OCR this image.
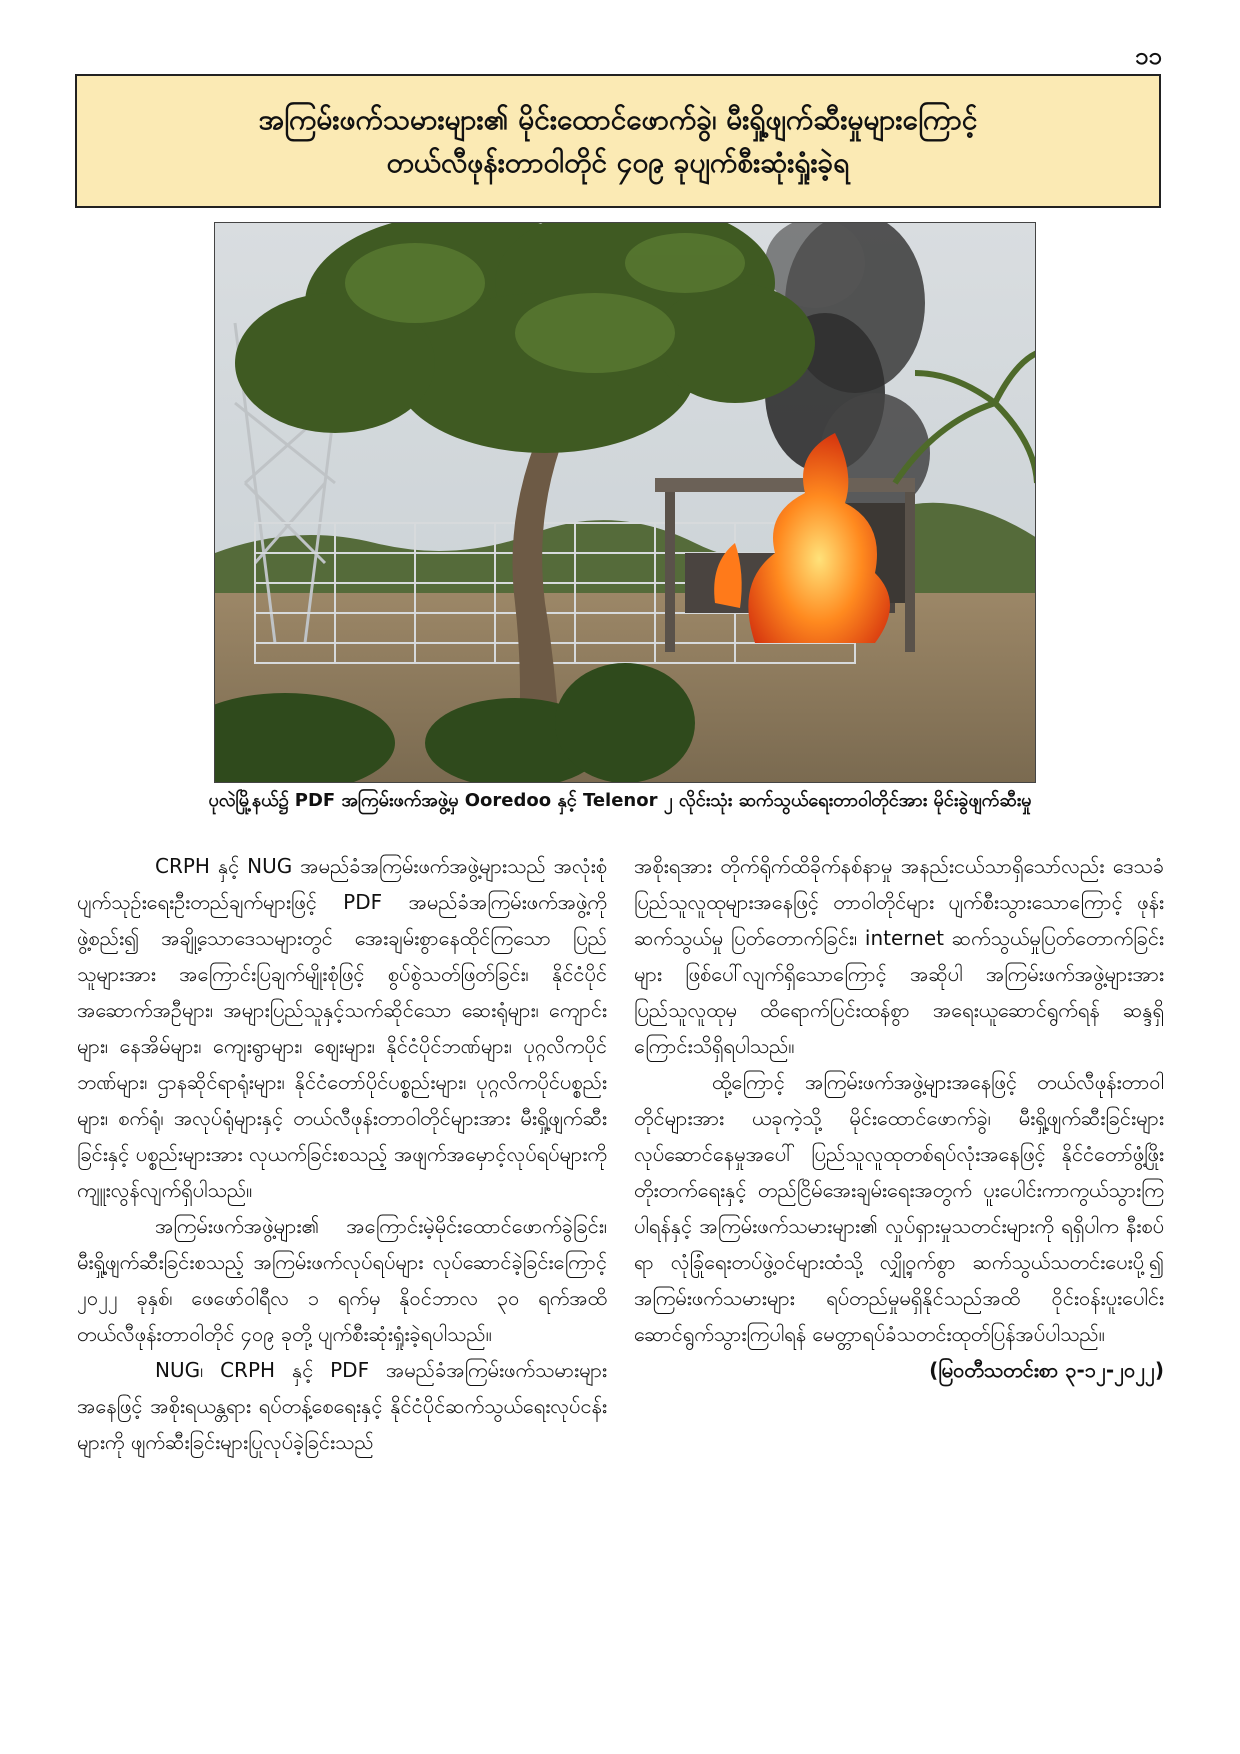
၁၁
အကြမ်းဖက်သမားများ၏ မိုင်းထောင်ဖောက်ခွဲ၊ မီးရှို့ဖျက်ဆီးမှုများကြောင့်
တယ်လီဖုန်းတာဝါတိုင် ၄၀၉ ခုပျက်စီးဆုံးရှုံးခဲ့ရ
ပုလဲမြို့နယ်၌ PDF အကြမ်းဖက်အဖွဲ့မှ Ooredoo နှင့် Telenor ၂ လိုင်းသုံး ဆက်သွယ်ရေးတာဝါတိုင်အား မိုင်းခွဲဖျက်ဆီးမှု

CRPH နှင့် NUG အမည်ခံအကြမ်းဖက်အဖွဲ့များသည် အလုံးစုံပျက်သုဉ်းရေးဦးတည်ချက်များဖြင့် PDF အမည်ခံအကြမ်းဖက်အဖွဲ့ကို ဖွဲ့စည်း၍ အချို့သောဒေသများတွင် အေးချမ်းစွာနေထိုင်ကြသော ပြည်သူများအား အကြောင်းပြချက်မျိုးစုံဖြင့် စွပ်စွဲသတ်ဖြတ်ခြင်း၊ နိုင်ငံပိုင်အဆောက်အဦများ၊ အများပြည်သူနှင့်သက်ဆိုင်သော ဆေးရုံများ၊ ကျောင်းများ၊ နေအိမ်များ၊ ကျေးရွာများ၊ ဈေးများ၊ နိုင်ငံပိုင်ဘဏ်များ၊ ပုဂ္ဂလိကပိုင်ဘဏ်များ၊ ဌာနဆိုင်ရာရုံးများ၊ နိုင်ငံတော်ပိုင်ပစ္စည်းများ၊ ပုဂ္ဂလိကပိုင်ပစ္စည်းများ၊ စက်ရုံ၊ အလုပ်ရုံများနှင့် တယ်လီဖုန်းတာဝါတိုင်များအား မီးရှို့ဖျက်ဆီးခြင်းနှင့် ပစ္စည်းများအား လုယက်ခြင်းစသည့် အဖျက်အမှောင့်လုပ်ရပ်များကို ကျူးလွန်လျက်ရှိပါသည်။

အကြမ်းဖက်အဖွဲ့များ၏ အကြောင်းမဲ့မိုင်းထောင်ဖောက်ခွဲခြင်း၊ မီးရှို့ဖျက်ဆီးခြင်းစသည့် အကြမ်းဖက်လုပ်ရပ်များ လုပ်ဆောင်ခဲ့ခြင်းကြောင့် ၂၀၂၂ ခုနှစ်၊ ဖေဖော်ဝါရီလ ၁ ရက်မှ နိုဝင်ဘာလ ၃၀ ရက်အထိ တယ်လီဖုန်းတာဝါတိုင် ၄၀၉ ခုတို့ ပျက်စီးဆုံးရှုံးခဲ့ရပါသည်။

NUG၊ CRPH နှင့် PDF အမည်ခံအကြမ်းဖက်သမားများအနေဖြင့် အစိုးရယန္တရား ရပ်တန့်စေရေးနှင့် နိုင်ငံပိုင်ဆက်သွယ်ရေးလုပ်ငန်းများကို ဖျက်ဆီးခြင်းများပြုလုပ်ခဲ့ခြင်းသည်

အစိုးရအား တိုက်ရိုက်ထိခိုက်နစ်နာမှု အနည်းငယ်သာရှိသော်လည်း ဒေသခံ ပြည်သူလူထုများအနေဖြင့် တာဝါတိုင်များ ပျက်စီးသွားသောကြောင့် ဖုန်းဆက်သွယ်မှု ပြတ်တောက်ခြင်း၊ internet ဆက်သွယ်မှုပြတ်တောက်ခြင်းများ ဖြစ်ပေါ်လျက်ရှိသောကြောင့် အဆိုပါ အကြမ်းဖက်အဖွဲ့များအား ပြည်သူလူထုမှ ထိရောက်ပြင်းထန်စွာ အရေးယူဆောင်ရွက်ရန် ဆန္ဒရှိကြောင်းသိရှိရပါသည်။

ထို့ကြောင့် အကြမ်းဖက်အဖွဲ့များအနေဖြင့် တယ်လီဖုန်းတာဝါတိုင်များအား ယခုကဲ့သို့ မိုင်းထောင်ဖောက်ခွဲ၊ မီးရှို့ဖျက်ဆီးခြင်းများ လုပ်ဆောင်နေမှုအပေါ် ပြည်သူလူထုတစ်ရပ်လုံးအနေဖြင့် နိုင်ငံတော်ဖွံ့ဖြိုးတိုးတက်ရေးနှင့် တည်ငြိမ်အေးချမ်းရေးအတွက် ပူးပေါင်းကာကွယ်သွားကြပါရန်နှင့် အကြမ်းဖက်သမားများ၏ လှုပ်ရှားမှုသတင်းများကို ရရှိပါက နီးစပ်ရာ လုံခြုံရေးတပ်ဖွဲ့ဝင်များထံသို့ လျှို့ဝှက်စွာ ဆက်သွယ်သတင်းပေးပို့၍ အကြမ်းဖက်သမားများ ရပ်တည်မှုမရှိနိုင်သည်အထိ ဝိုင်းဝန်းပူးပေါင်းဆောင်ရွက်သွားကြပါရန် မေတ္တာရပ်ခံသတင်းထုတ်ပြန်အပ်ပါသည်။

(မြဝတီသတင်းစာ ၃-၁၂-၂၀၂၂)
